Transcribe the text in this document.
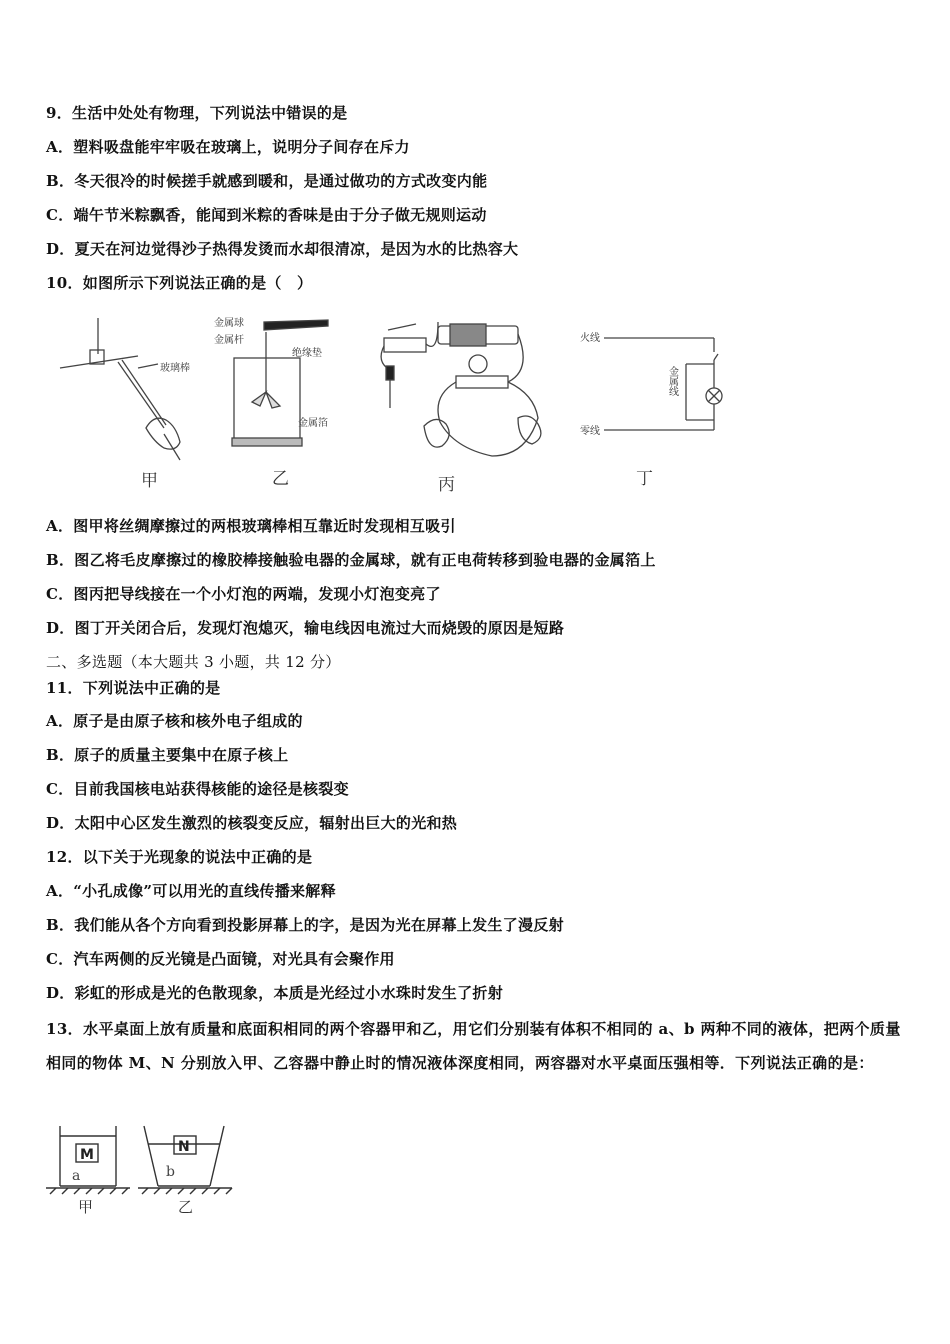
9．生活中处处有物理，下列说法中错误的是
A．塑料吸盘能牢牢吸在玻璃上，说明分子间存在斥力
B．冬天很冷的时候搓手就感到暖和，是通过做功的方式改变内能
C．端午节米粽飘香，能闻到米粽的香味是由于分子做无规则运动
D．夏天在河边觉得沙子热得发烫而水却很清凉，是因为水的比热容大
10．如图所示下列说法正确的是（　）
玻璃棒
甲
金属球
金属杆
绝缘垫
金属箔
乙	丙
火线
零线
金属线
丁
A．图甲将丝绸摩擦过的两根玻璃棒相互靠近时发现相互吸引
B．图乙将毛皮摩擦过的橡胶棒接触验电器的金属球，就有正电荷转移到验电器的金属箔上
C．图丙把导线接在一个小灯泡的两端，发现小灯泡变亮了
D．图丁开关闭合后，发现灯泡熄灭，输电线因电流过大而烧毁的原因是短路
二、多选题（本大题共 3 小题，共 12 分）
11．下列说法中正确的是
A．原子是由原子核和核外电子组成的
B．原子的质量主要集中在原子核上
C．目前我国核电站获得核能的途径是核裂变
D．太阳中心区发生激烈的核裂变反应，辐射出巨大的光和热
12．以下关于光现象的说法中正确的是
A．“小孔成像”可以用光的直线传播来解释
B．我们能从各个方向看到投影屏幕上的字，是因为光在屏幕上发生了漫反射
C．汽车两侧的反光镜是凸面镜，对光具有会聚作用
D．彩虹的形成是光的色散现象，本质是光经过小水珠时发生了折射
13．水平桌面上放有质量和底面积相同的两个容器甲和乙，用它们分别装有体积不相同的 a、b 两种不同的液体，把两个质量相同的物体 M、N 分别放入甲、乙容器中静止时的情况液体深度相同，两容器对水平桌面压强相等．下列说法正确的是：
M
a
甲
N
b
乙
